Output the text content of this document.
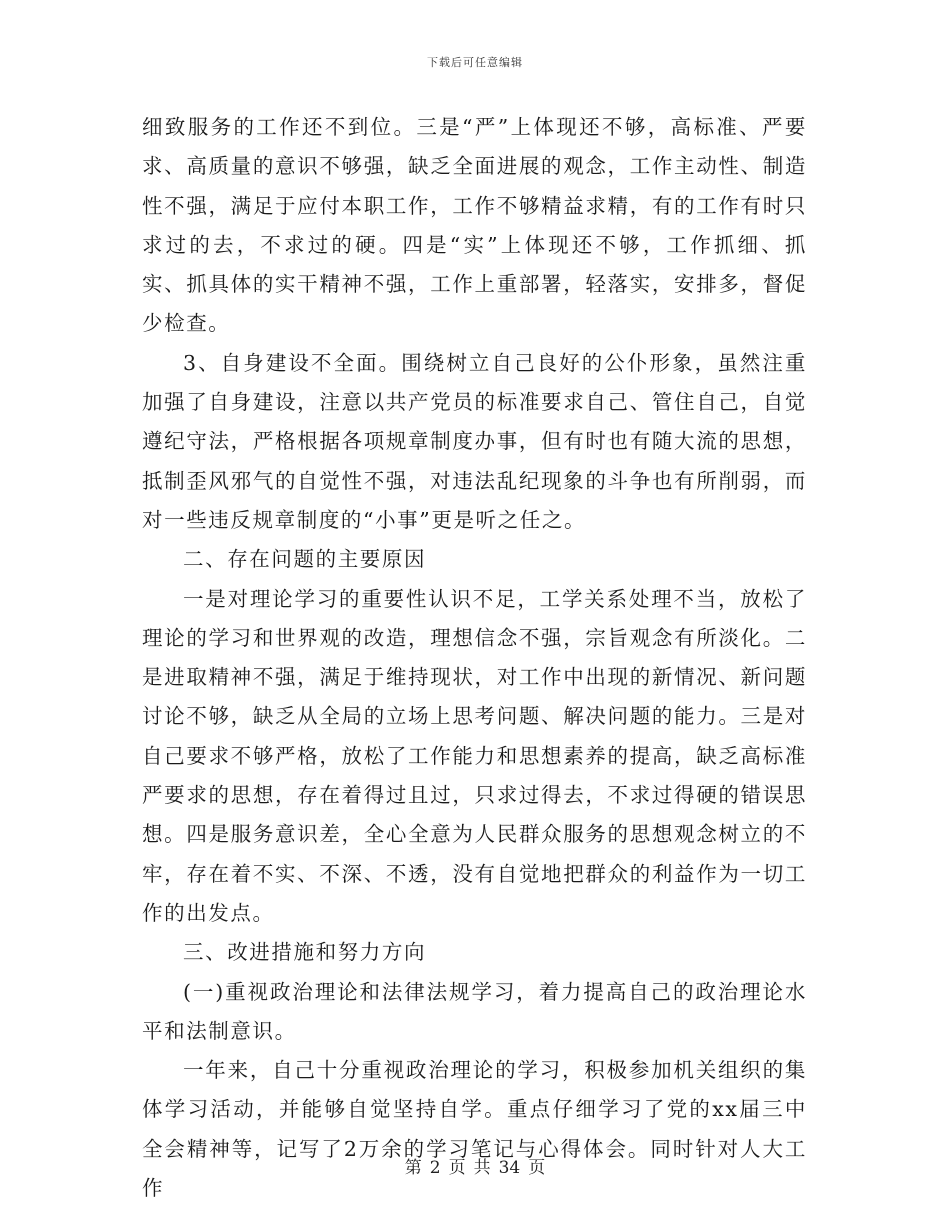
下载后可任意编辑

细致服务的工作还不到位。三是“严”上体现还不够，高标准、严要求、高质量的意识不够强，缺乏全面进展的观念，工作主动性、制造性不强，满足于应付本职工作，工作不够精益求精，有的工作有时只求过的去，不求过的硬。四是“实”上体现还不够，工作抓细、抓实、抓具体的实干精神不强，工作上重部署，轻落实，安排多，督促少检查。

3、自身建设不全面。围绕树立自己良好的公仆形象，虽然注重加强了自身建设，注意以共产党员的标准要求自己、管住自己，自觉遵纪守法，严格根据各项规章制度办事，但有时也有随大流的思想，抵制歪风邪气的自觉性不强，对违法乱纪现象的斗争也有所削弱，而对一些违反规章制度的“小事”更是听之任之。

二、存在问题的主要原因

一是对理论学习的重要性认识不足，工学关系处理不当，放松了理论的学习和世界观的改造，理想信念不强，宗旨观念有所淡化。二是进取精神不强，满足于维持现状，对工作中出现的新情况、新问题讨论不够，缺乏从全局的立场上思考问题、解决问题的能力。三是对自己要求不够严格，放松了工作能力和思想素养的提高，缺乏高标准严要求的思想，存在着得过且过，只求过得去，不求过得硬的错误思想。四是服务意识差，全心全意为人民群众服务的思想观念树立的不牢，存在着不实、不深、不透，没有自觉地把群众的利益作为一切工作的出发点。

三、改进措施和努力方向

(一)重视政治理论和法律法规学习，着力提高自己的政治理论水平和法制意识。

一年来，自己十分重视政治理论的学习，积极参加机关组织的集体学习活动，并能够自觉坚持自学。重点仔细学习了党的xx届三中全会精神等，记写了2万余的学习笔记与心得体会。同时针对人大工作

第 2 页 共 34 页
